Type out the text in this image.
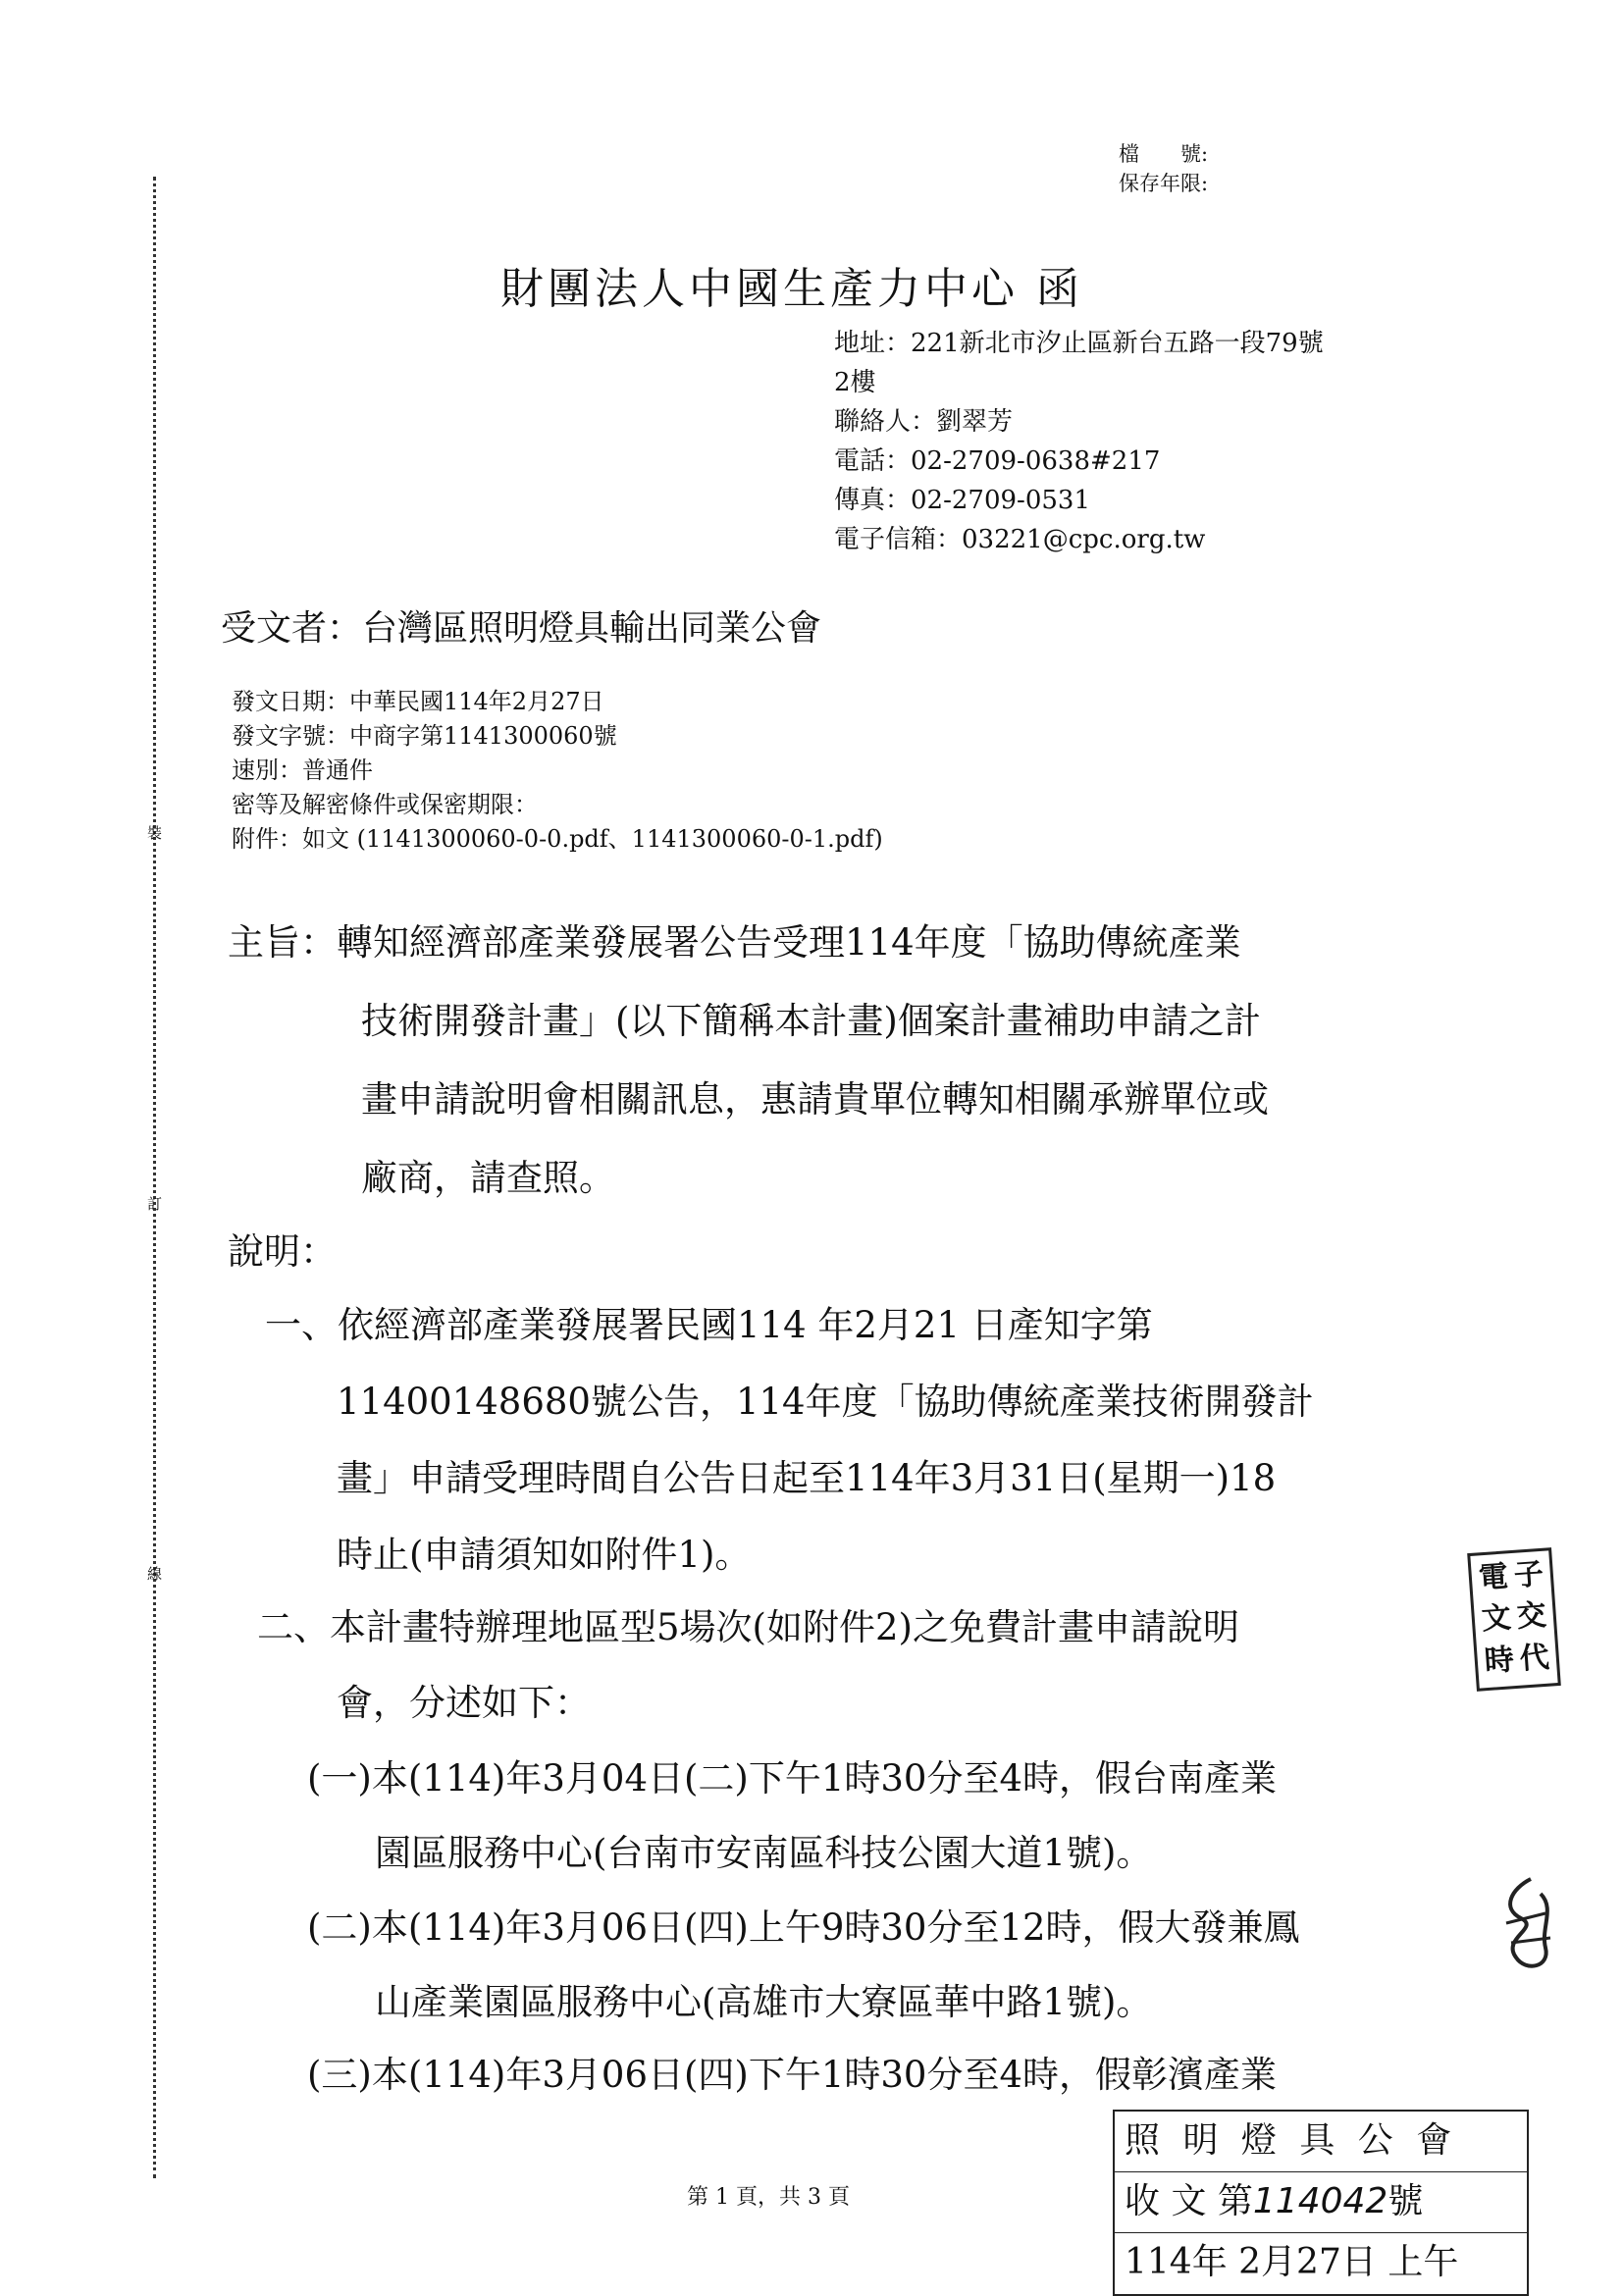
裝
訂
線
檔　　號:
保存年限:
財團法人中國生產力中心 函
地址：221新北市汐止區新台五路一段79號
2樓
聯絡人：劉翠芳
電話：02-2709-0638#217
傳真：02-2709-0531
電子信箱：03221@cpc.org.tw
受文者：台灣區照明燈具輸出同業公會
發文日期：中華民國114年2月27日
發文字號：中商字第1141300060號
速別：普通件
密等及解密條件或保密期限：
附件：如文 (1141300060-0-0.pdf、1141300060-0-1.pdf)
主旨：轉知經濟部產業發展署公告受理114年度「協助傳統產業
技術開發計畫」(以下簡稱本計畫)個案計畫補助申請之計
畫申請說明會相關訊息，惠請貴單位轉知相關承辦單位或
廠商，請查照。
說明：
一、依經濟部產業發展署民國114 年2月21 日產知字第
11400148680號公告，114年度「協助傳統產業技術開發計
畫」申請受理時間自公告日起至114年3月31日(星期一)18
時止(申請須知如附件1)。
二、本計畫特辦理地區型5場次(如附件2)之免費計畫申請說明
會，分述如下：
(一)本(114)年3月04日(二)下午1時30分至4時，假台南產業
園區服務中心(台南市安南區科技公園大道1號)。
(二)本(114)年3月06日(四)上午9時30分至12時，假大發兼鳳
山產業園區服務中心(高雄市大寮區華中路1號)。
(三)本(114)年3月06日(四)下午1時30分至4時，假彰濱產業
第 1 頁，共 3 頁
照 明 燈 具 公 會
收 文 第114042號
114年 2月27日 上午
電 子
文 交
時 代
